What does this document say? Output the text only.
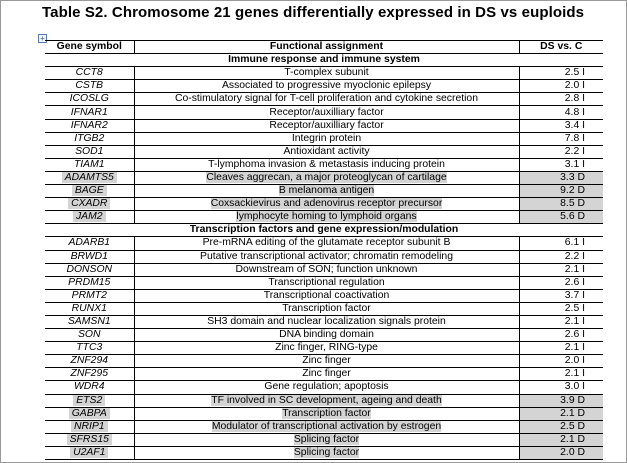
Table S2. Chromosome 21 genes differentially expressed in DS vs euploids
+
Gene symbol	Functional assignment	DS vs. C
Immune response and immune system		
CCT8	T-complex subunit	2.5 I
CSTB	Associated to progressive myoclonic epilepsy	2.0 I
ICOSLG	Co-stimulatory signal for T-cell proliferation and cytokine secretion	2.8 I
IFNAR1	Receptor/auxilliary factor	4.8 I
IFNAR2	Receptor/auxilliary factor	3.4 I
ITGB2	Integrin protein	7.8 I
SOD1	Antioxidant activity	2.2 I
TIAM1	T-lymphoma invasion & metastasis inducing protein	3.1 I
ADAMTS5	Cleaves aggrecan, a major proteoglycan of cartilage	3.3 D
BAGE	B melanoma antigen	9.2 D
CXADR	Coxsackievirus and adenovirus receptor precursor	8.5 D
JAM2	lymphocyte homing to lymphoid organs	5.6 D
Transcription factors and gene expression/modulation		
ADARB1	Pre-mRNA editing of the glutamate receptor subunit B	6.1 I
BRWD1	Putative transcriptional activator; chromatin remodeling	2.2 I
DONSON	Downstream of SON; function unknown	2.1 I
PRDM15	Transcriptional regulation	2.6 I
PRMT2	Transcriptional coactivation	3.7 I
RUNX1	Transcription factor	2.5 I
SAMSN1	SH3 domain and nuclear localization signals protein	2.1 I
SON	DNA binding domain	2.6 I
TTC3	Zinc finger, RING-type	2.1 I
ZNF294	Zinc finger	2.0 I
ZNF295	Zinc finger	2.1 I
WDR4	Gene regulation; apoptosis	3.0 I
ETS2	TF involved in SC development, ageing and death	3.9 D
GABPA	Transcription factor	2.1 D
NRIP1	Modulator of transcriptional activation by estrogen	2.5 D
SFRS15	Splicing factor	2.1 D
U2AF1	Splicing factor	2.0 D
